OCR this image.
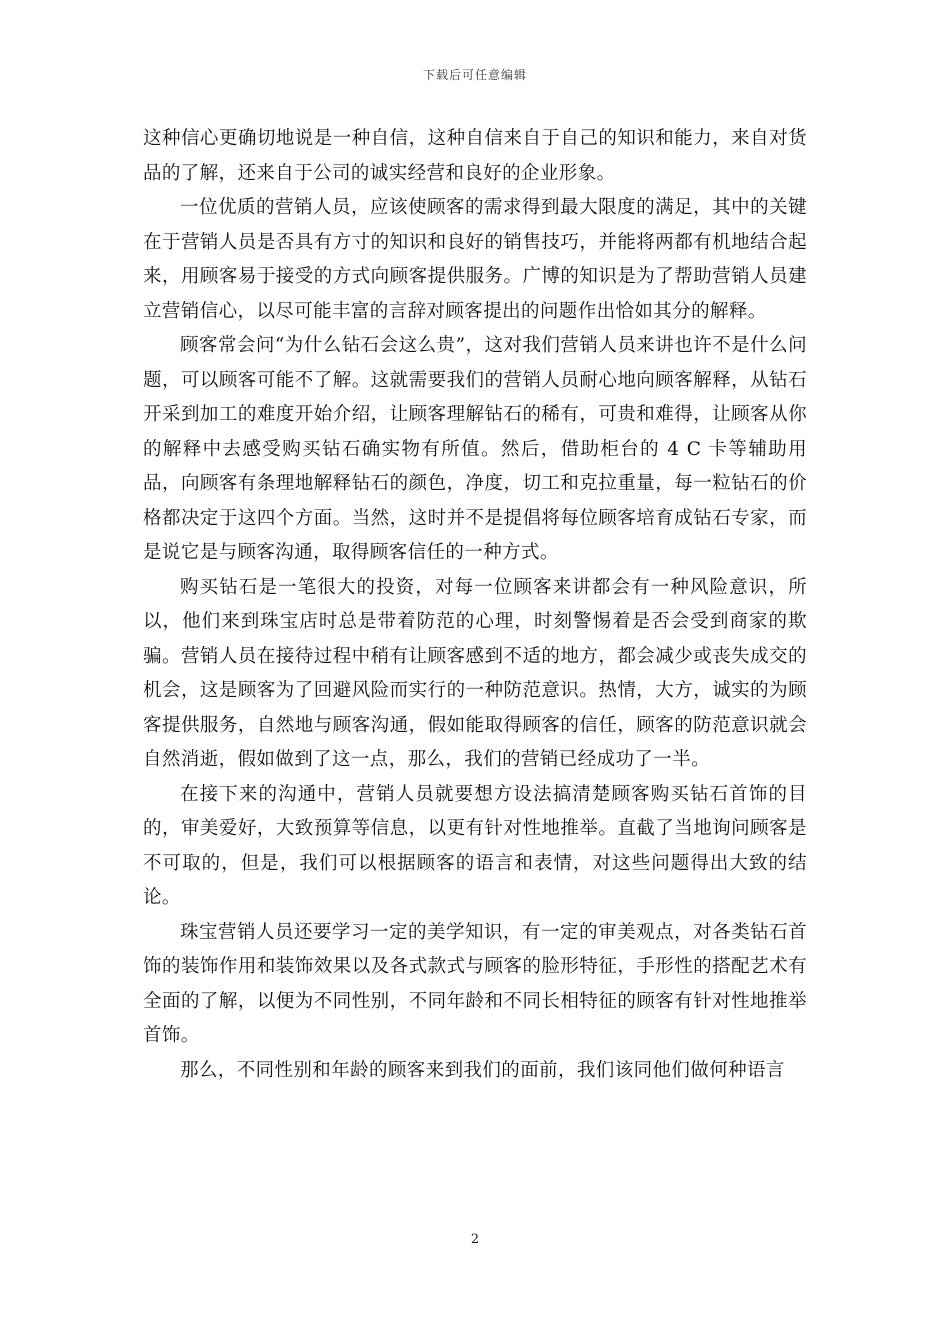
下载后可任意编辑

这种信心更确切地说是一种自信，这种自信来自于自己的知识和能力，来自对货品的了解，还来自于公司的诚实经营和良好的企业形象。

一位优质的营销人员，应该使顾客的需求得到最大限度的满足，其中的关键在于营销人员是否具有方寸的知识和良好的销售技巧，并能将两都有机地结合起来，用顾客易于接受的方式向顾客提供服务。广博的知识是为了帮助营销人员建立营销信心，以尽可能丰富的言辞对顾客提出的问题作出恰如其分的解释。

顾客常会问“为什么钻石会这么贵”，这对我们营销人员来讲也许不是什么问题，可以顾客可能不了解。这就需要我们的营销人员耐心地向顾客解释，从钻石开采到加工的难度开始介绍，让顾客理解钻石的稀有，可贵和难得，让顾客从你的解释中去感受购买钻石确实物有所值。然后，借助柜台的 4 C 卡等辅助用品，向顾客有条理地解释钻石的颜色，净度，切工和克拉重量，每一粒钻石的价格都决定于这四个方面。当然，这时并不是提倡将每位顾客培育成钻石专家，而是说它是与顾客沟通，取得顾客信任的一种方式。

购买钻石是一笔很大的投资，对每一位顾客来讲都会有一种风险意识，所以，他们来到珠宝店时总是带着防范的心理，时刻警惕着是否会受到商家的欺骗。营销人员在接待过程中稍有让顾客感到不适的地方，都会减少或丧失成交的机会，这是顾客为了回避风险而实行的一种防范意识。热情，大方，诚实的为顾客提供服务，自然地与顾客沟通，假如能取得顾客的信任，顾客的防范意识就会自然消逝，假如做到了这一点，那么，我们的营销已经成功了一半。

在接下来的沟通中，营销人员就要想方设法搞清楚顾客购买钻石首饰的目的，审美爱好，大致预算等信息，以更有针对性地推举。直截了当地询问顾客是不可取的，但是，我们可以根据顾客的语言和表情，对这些问题得出大致的结论。

珠宝营销人员还要学习一定的美学知识，有一定的审美观点，对各类钻石首饰的装饰作用和装饰效果以及各式款式与顾客的脸形特征，手形性的搭配艺术有全面的了解，以便为不同性别，不同年龄和不同长相特征的顾客有针对性地推举首饰。

那么，不同性别和年龄的顾客来到我们的面前，我们该同他们做何种语言

2
